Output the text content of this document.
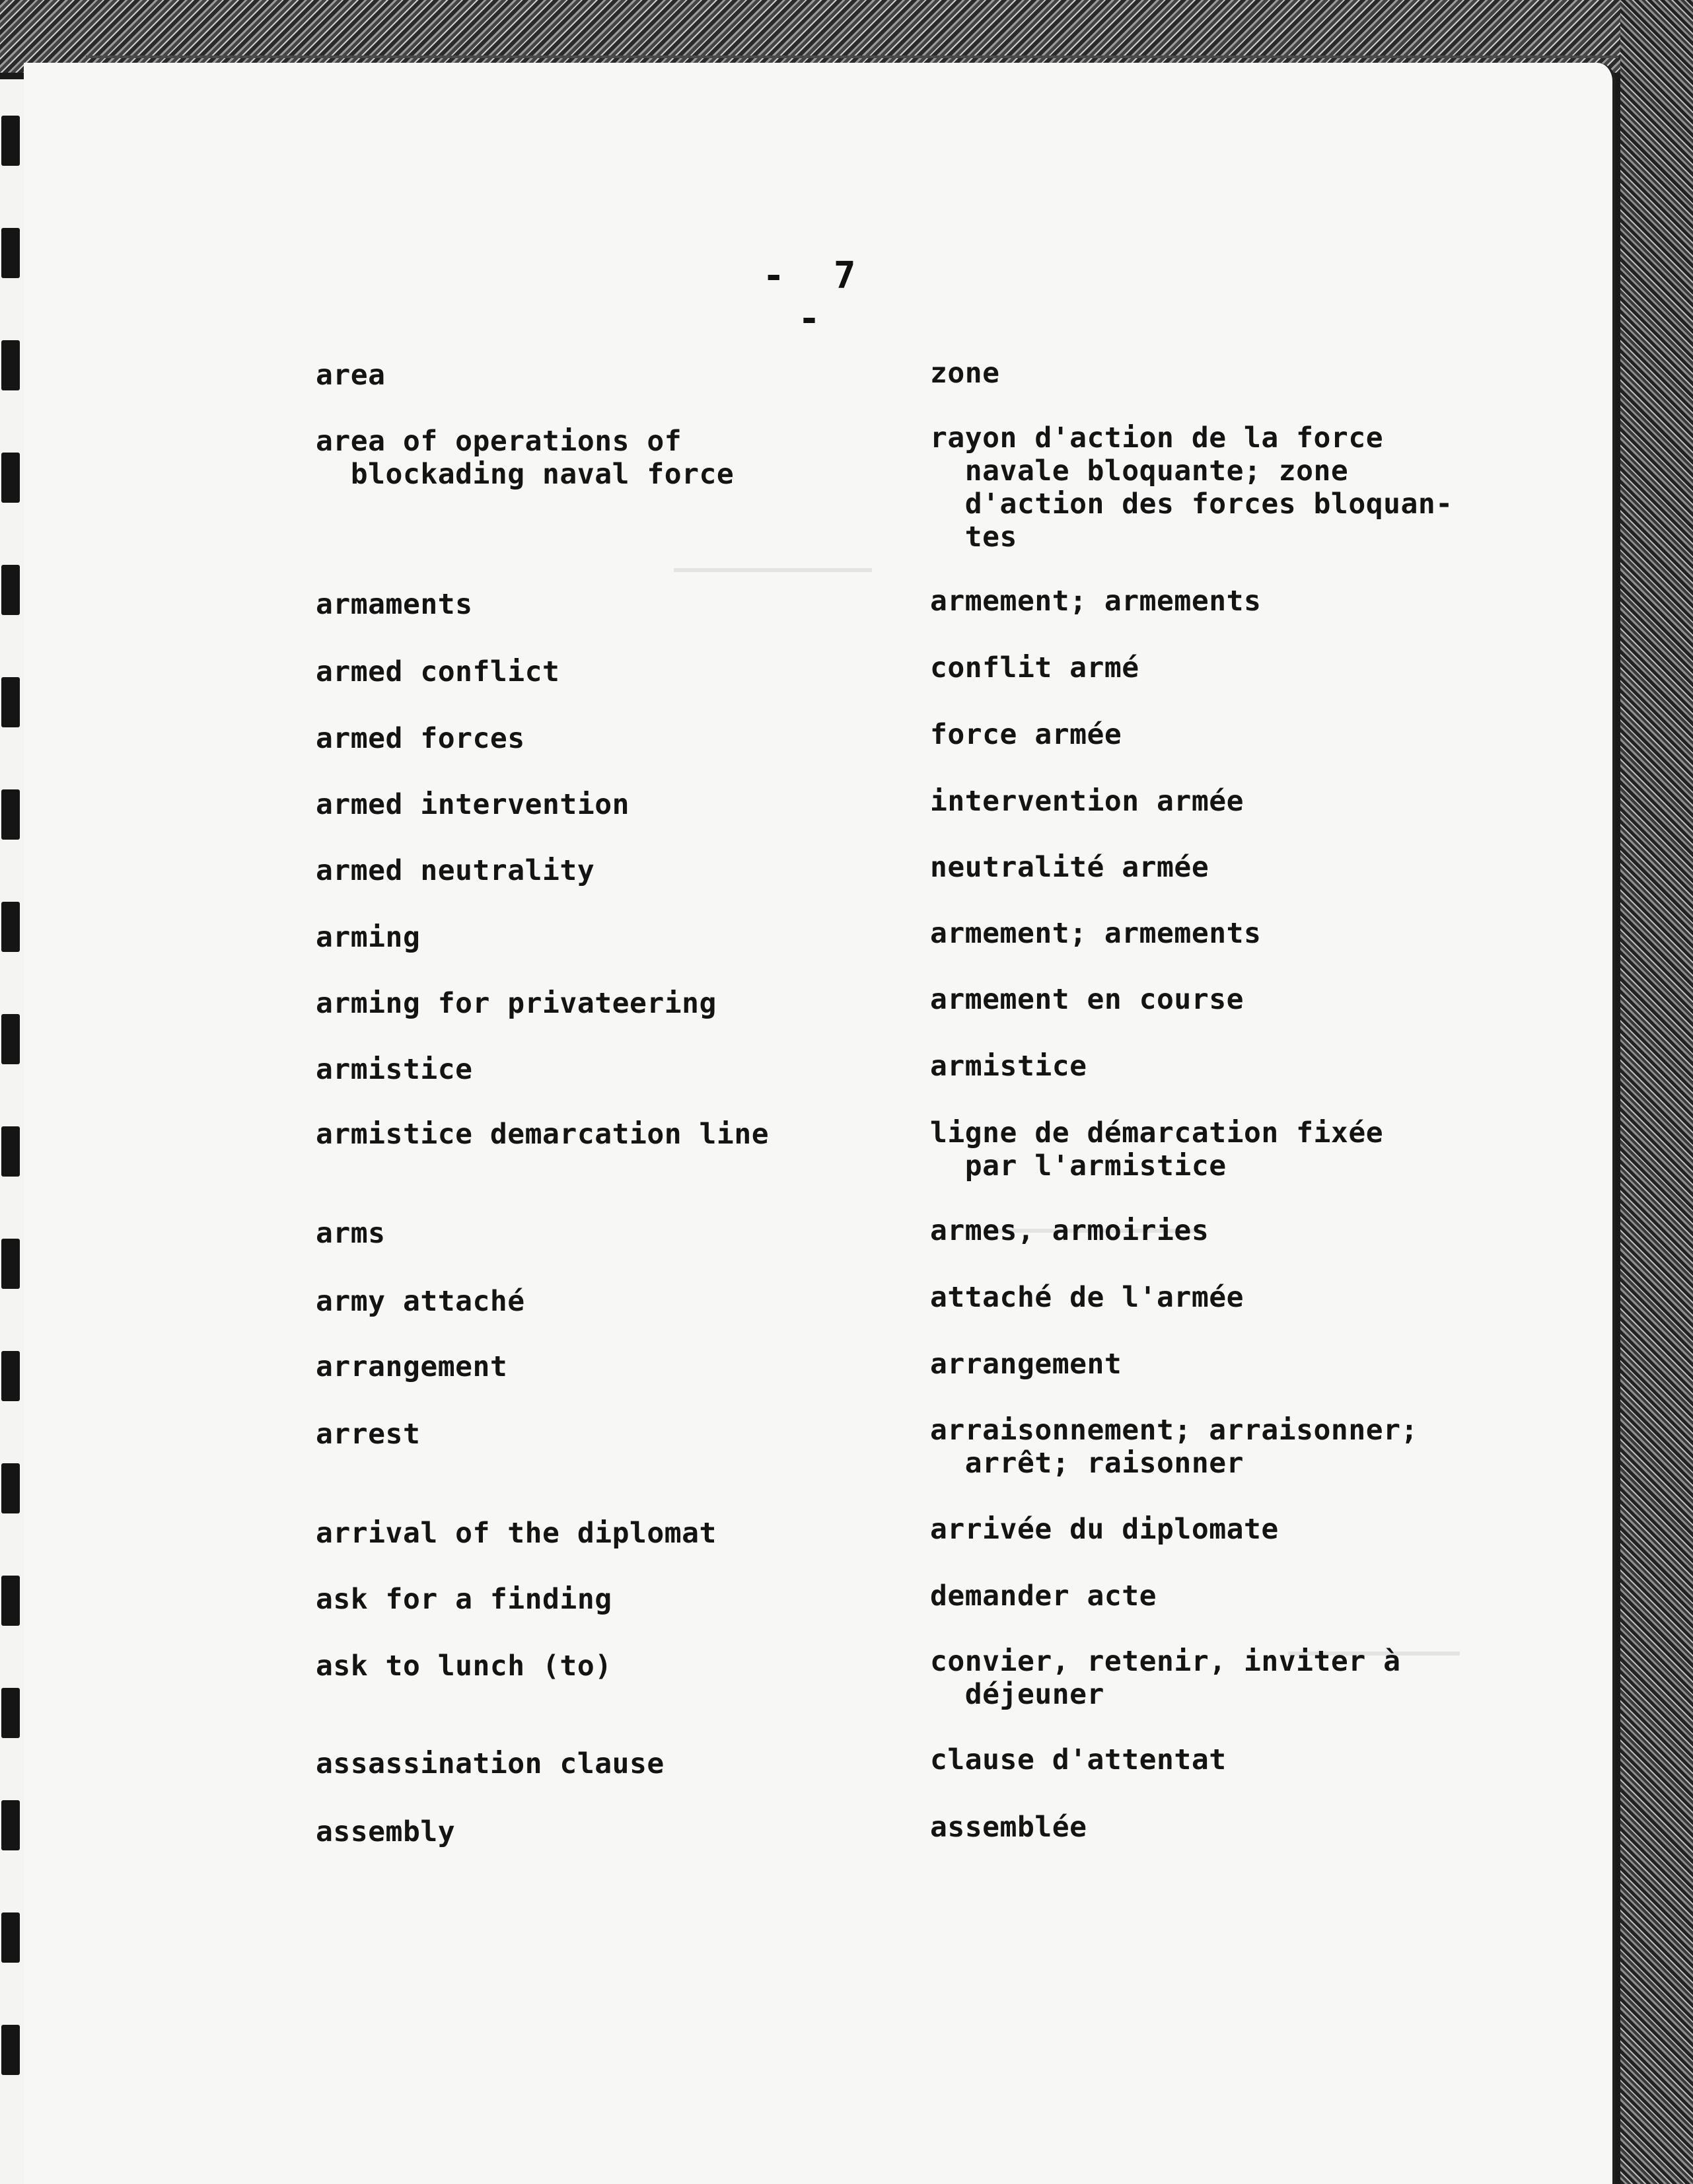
- 7 -
area
area of operations of
blockading naval force
armaments
armed conflict
armed forces
armed intervention
armed neutrality
arming
arming for privateering
armistice
armistice demarcation line
arms
army attaché
arrangement
arrest
arrival of the diplomat
ask for a finding
ask to lunch (to)
assassination clause
assembly
zone
rayon d'action de la force
navale bloquante; zone
d'action des forces bloquan-
tes
armement; armements
conflit armé
force armée
intervention armée
neutralité armée
armement; armements
armement en course
armistice
ligne de démarcation fixée
par l'armistice
armes, armoiries
attaché de l'armée
arrangement
arraisonnement; arraisonner;
arrêt; raisonner
arrivée du diplomate
demander acte
convier, retenir, inviter à
déjeuner
clause d'attentat
assemblée
